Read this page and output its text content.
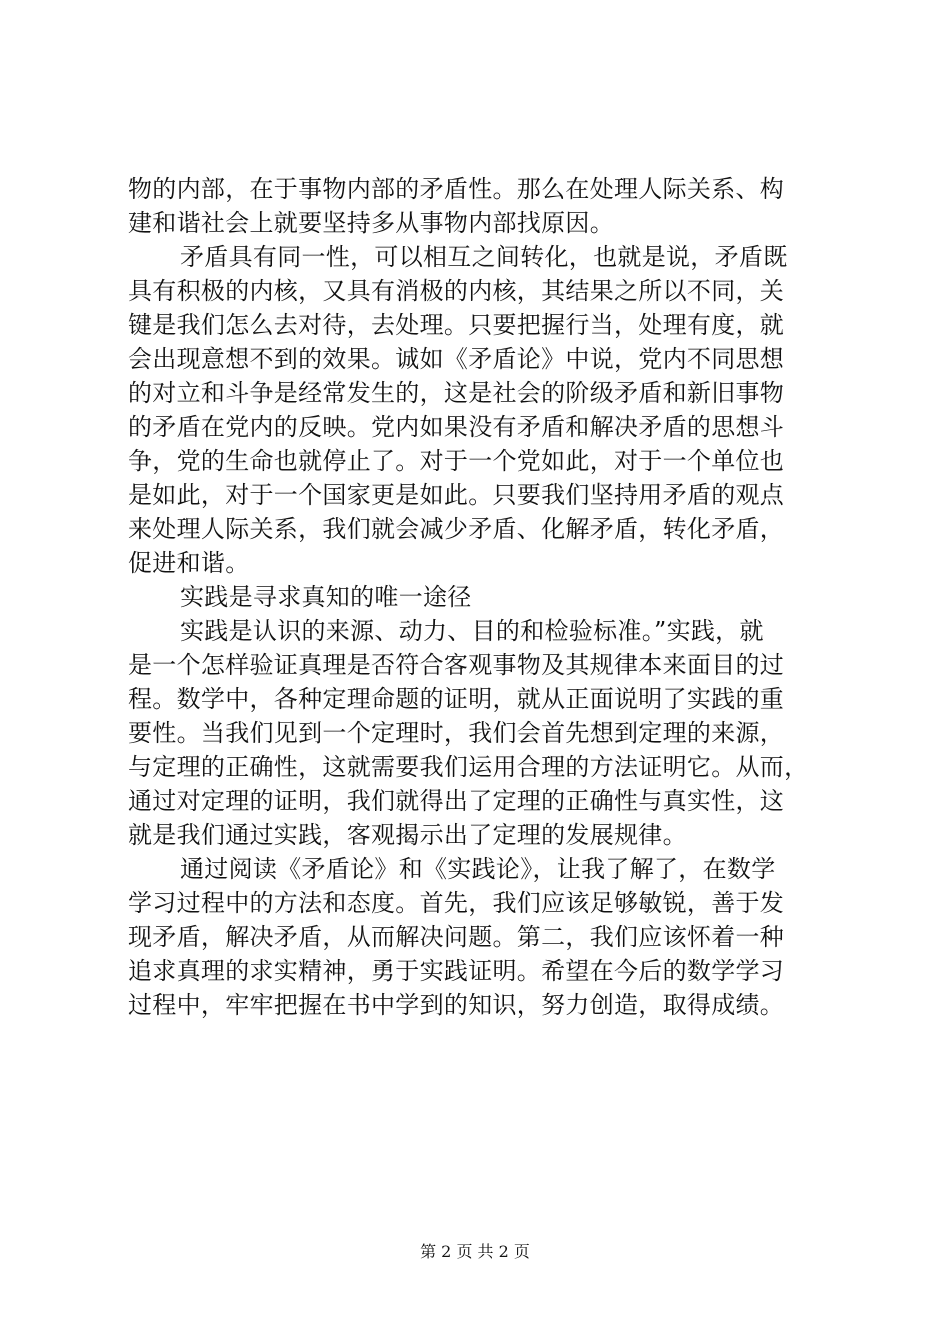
物的内部，在于事物内部的矛盾性。那么在处理人际关系、构
建和谐社会上就要坚持多从事物内部找原因。
矛盾具有同一性，可以相互之间转化，也就是说，矛盾既
具有积极的内核，又具有消极的内核，其结果之所以不同，关
键是我们怎么去对待，去处理。只要把握行当，处理有度，就
会出现意想不到的效果。诚如《矛盾论》中说，党内不同思想
的对立和斗争是经常发生的，这是社会的阶级矛盾和新旧事物
的矛盾在党内的反映。党内如果没有矛盾和解决矛盾的思想斗
争，党的生命也就停止了。对于一个党如此，对于一个单位也
是如此，对于一个国家更是如此。只要我们坚持用矛盾的观点
来处理人际关系，我们就会减少矛盾、化解矛盾，转化矛盾，
促进和谐。
实践是寻求真知的唯一途径
实践是认识的来源、动力、目的和检验标准。”实践，就
是一个怎样验证真理是否符合客观事物及其规律本来面目的过
程。数学中，各种定理命题的证明，就从正面说明了实践的重
要性。当我们见到一个定理时，我们会首先想到定理的来源，
与定理的正确性，这就需要我们运用合理的方法证明它。从而，
通过对定理的证明，我们就得出了定理的正确性与真实性，这
就是我们通过实践，客观揭示出了定理的发展规律。
通过阅读《矛盾论》和《实践论》，让我了解了，在数学
学习过程中的方法和态度。首先，我们应该足够敏锐，善于发
现矛盾，解决矛盾，从而解决问题。第二，我们应该怀着一种
追求真理的求实精神，勇于实践证明。希望在今后的数学学习
过程中，牢牢把握在书中学到的知识，努力创造，取得成绩。
第 2 页 共 2 页
